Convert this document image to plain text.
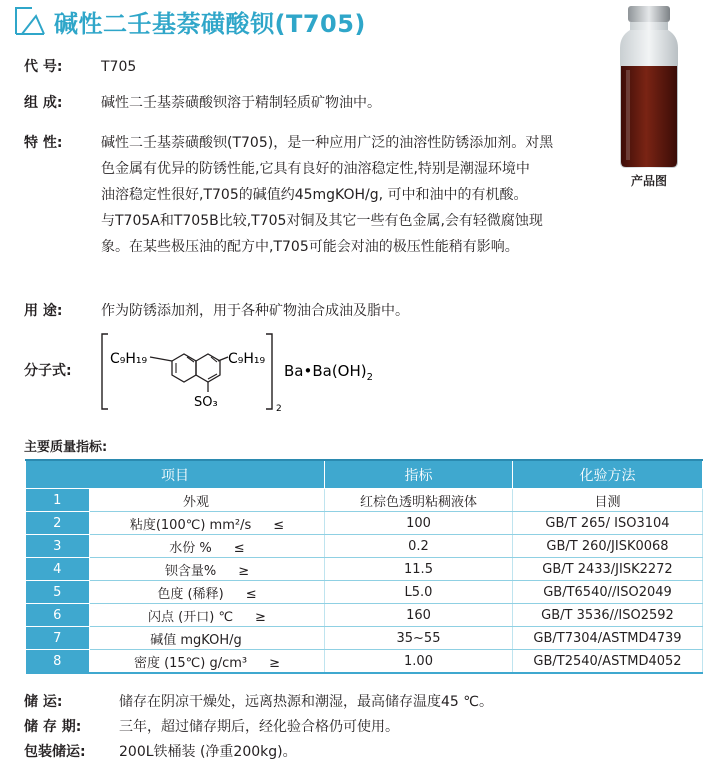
碱性二壬基萘磺酸钡(T705)
代 号:	T705
组 成:	碱性二壬基萘磺酸钡溶于精制轻质矿物油中。
特 性:	碱性二壬基萘磺酸钡(T705)，是一种应用广泛的油溶性防锈添加剂。对黑
色金属有优异的防锈性能,它具有良好的油溶稳定性,特别是潮湿环境中
油溶稳定性很好,T705的碱值约45mgKOH/g, 可中和油中的有机酸。
与T705A和T705B比较,T705对铜及其它一些有色金属,会有轻微腐蚀现
象。在某些极压油的配方中,T705可能会对油的极压性能稍有影响。
用 途:	作为防锈添加剂，用于各种矿物油合成油及脂中。
分子式:
产品图
2
C₉H₁₉	C₉H₁₉
SO₃
$Ba•Ba(OH)_2$
主要质量指标:
项目		指标	化验方法
1	外观	红棕色透明粘稠液体	目测
2	粘度(100℃) mm²/s ≤	100	GB/T 265/ ISO3104
3	水份 % ≤	0.2	GB/T 260/JISK0068
4	钡含量% ≥	11.5	GB/T 2433/JISK2272
5	色度 (稀释) ≤	L5.0	GB/T6540//ISO2049
6	闪点 (开口) ℃ ≥	160	GB/T 3536//ISO2592
7	碱值 mgKOH/g	35~55	GB/T7304/ASTMD4739
8	密度 (15℃) g/cm³ ≥	1.00	GB/T2540/ASTMD4052
储 运:	储存在阴凉干燥处，远离热源和潮湿，最高储存温度45 ℃。
储 存 期:	三年，超过储存期后，经化验合格仍可使用。
包装储运: 200L铁桶装 (净重200kg)。
